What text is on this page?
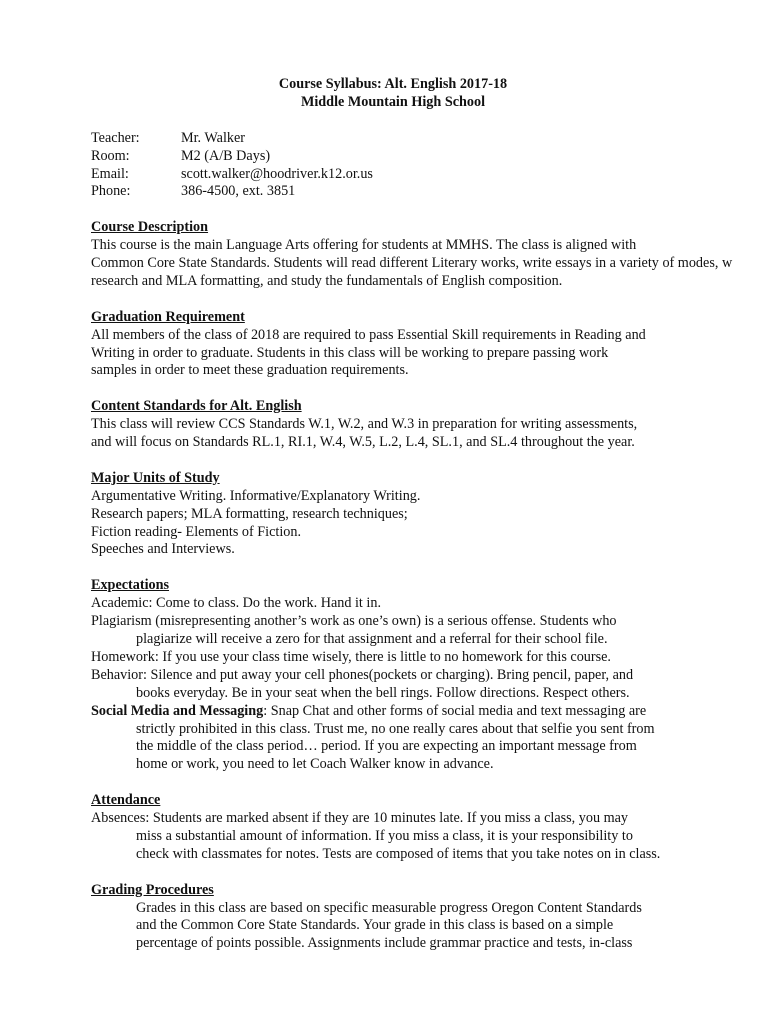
Course Syllabus: Alt. English 2017-18
Middle Mountain High School
Teacher:	Mr. Walker
Room:	M2 (A/B Days)
Email:	scott.walker@hoodriver.k12.or.us
Phone:	386-4500, ext. 3851
Course Description
This course is the main Language Arts offering for students at MMHS. The class is aligned with
Common Core State Standards. Students will read different Literary works, write essays in a variety of modes, w
research and MLA formatting, and study the fundamentals of English composition.
Graduation Requirement
All members of the class of 2018 are required to pass Essential Skill requirements in Reading and
Writing in order to graduate. Students in this class will be working to prepare passing work
samples in order to meet these graduation requirements.
Content Standards for Alt. English
This class will review CCS Standards W.1, W.2, and W.3 in preparation for writing assessments,
and will focus on Standards RL.1, RI.1, W.4, W.5, L.2, L.4, SL.1, and SL.4 throughout the year.
Major Units of Study
Argumentative Writing. Informative/Explanatory Writing.
Research papers; MLA formatting, research techniques;
Fiction reading- Elements of Fiction.
Speeches and Interviews.
Expectations
Academic: Come to class. Do the work. Hand it in.
Plagiarism (misrepresenting another’s work as one’s own) is a serious offense. Students who
plagiarize will receive a zero for that assignment and a referral for their school file.
Homework: If you use your class time wisely, there is little to no homework for this course.
Behavior: Silence and put away your cell phones(pockets or charging). Bring pencil, paper, and
books everyday. Be in your seat when the bell rings. Follow directions. Respect others.
Social Media and Messaging: Snap Chat and other forms of social media and text messaging are
strictly prohibited in this class. Trust me, no one really cares about that selfie you sent from
the middle of the class period… period. If you are expecting an important message from
home or work, you need to let Coach Walker know in advance.
Attendance
Absences: Students are marked absent if they are 10 minutes late. If you miss a class, you may
miss a substantial amount of information. If you miss a class, it is your responsibility to
check with classmates for notes. Tests are composed of items that you take notes on in class.
Grading Procedures
Grades in this class are based on specific measurable progress Oregon Content Standards
and the Common Core State Standards. Your grade in this class is based on a simple
percentage of points possible. Assignments include grammar practice and tests, in-class
